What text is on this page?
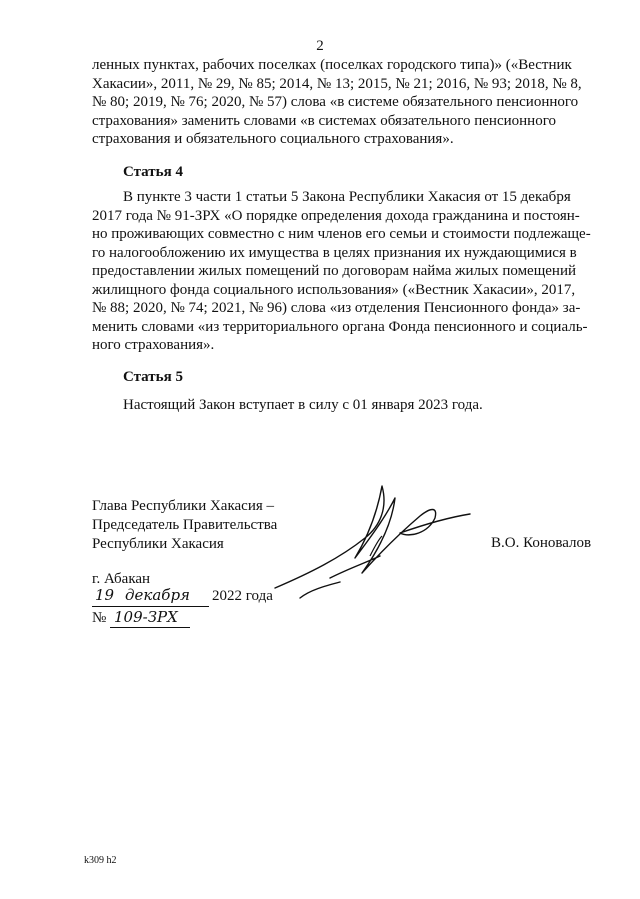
2
ленных пунктах, рабочих поселках (поселках городского типа)» («Вестник
Хакасии», 2011, № 29, № 85; 2014, № 13; 2015, № 21; 2016, № 93; 2018, № 8,
№ 80; 2019, № 76; 2020, № 57) слова «в системе обязательного пенсионного
страхования» заменить словами «в системах обязательного пенсионного
страхования и обязательного социального страхования».
Статья 4
В пункте 3 части 1 статьи 5 Закона Республики Хакасия от 15 декабря
2017 года № 91-ЗРХ «О порядке определения дохода гражданина и постоян-
но проживающих совместно с ним членов его семьи и стоимости подлежаще-
го налогообложению их имущества в целях признания их нуждающимися в
предоставлении жилых помещений по договорам найма жилых помещений
жилищного фонда социального использования» («Вестник Хакасии», 2017,
№ 88; 2020, № 74; 2021, № 96) слова «из отделения Пенсионного фонда» за-
менить словами «из территориального органа Фонда пенсионного и социаль-
ного страхования».
Статья 5
Настоящий Закон вступает в силу с 01 января 2023 года.
Глава Республики Хакасия –
Председатель Правительства
Республики Хакасия	В.О. Коновалов
г. Абакан
19 декабря 2022 года
№ 109-ЗРХ
k309 h2
